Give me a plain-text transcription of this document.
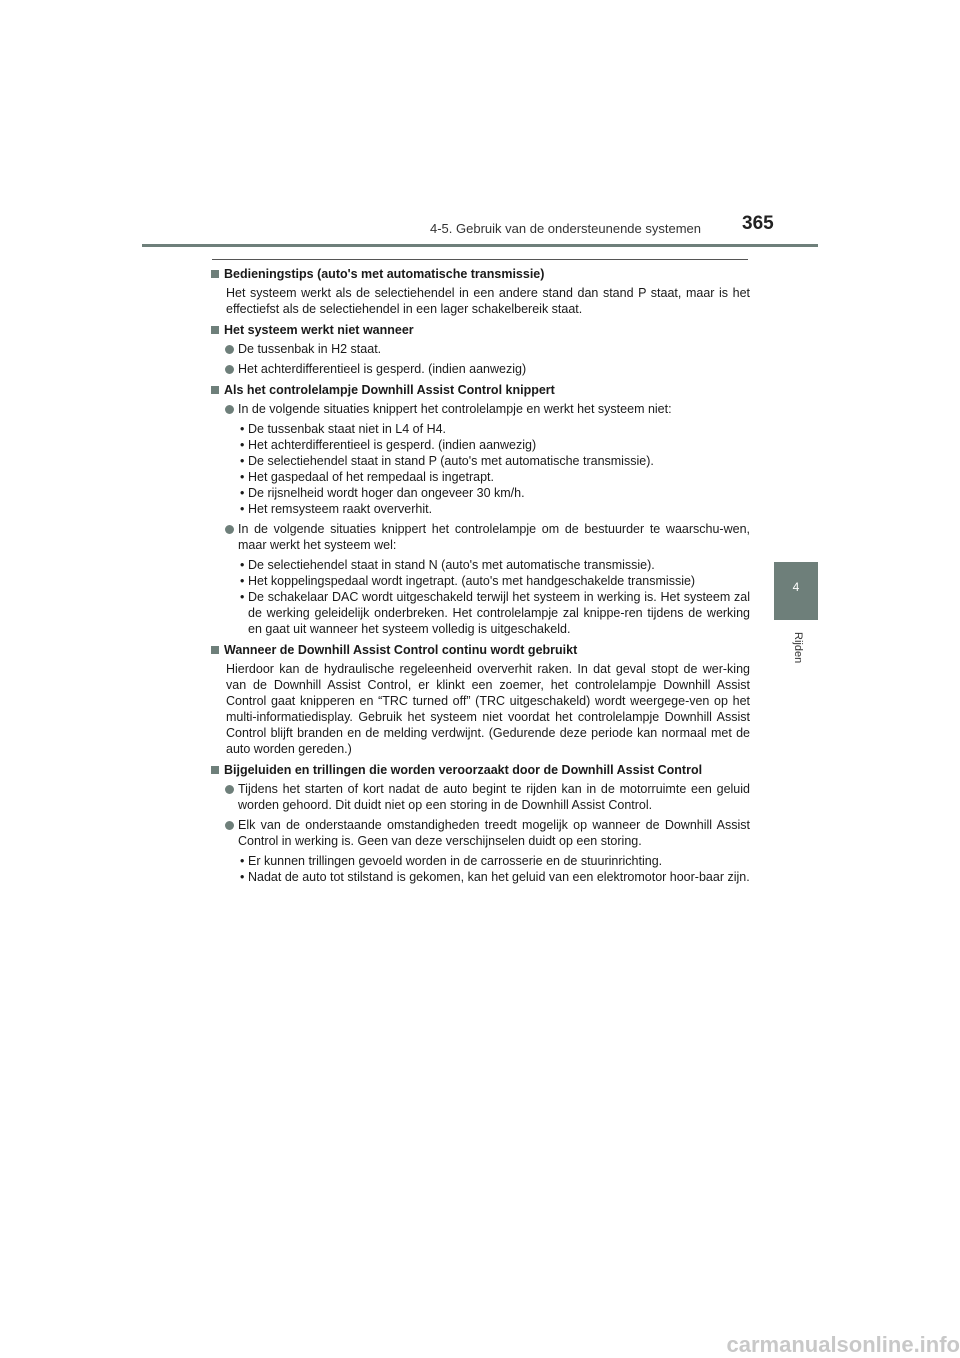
4-5. Gebruik van de ondersteunende systemen 365
4
Rijden
Bedieningstips (auto's met automatische transmissie)
Het systeem werkt als de selectiehendel in een andere stand dan stand P staat, maar is het effectiefst als de selectiehendel in een lager schakelbereik staat.
Het systeem werkt niet wanneer
De tussenbak in H2 staat.
Het achterdifferentieel is gesperd. (indien aanwezig)
Als het controlelampje Downhill Assist Control knippert
In de volgende situaties knippert het controlelampje en werkt het systeem niet:
• De tussenbak staat niet in L4 of H4.
• Het achterdifferentieel is gesperd. (indien aanwezig)
• De selectiehendel staat in stand P (auto's met automatische transmissie).
• Het gaspedaal of het rempedaal is ingetrapt.
• De rijsnelheid wordt hoger dan ongeveer 30 km/h.
• Het remsysteem raakt oververhit.
In de volgende situaties knippert het controlelampje om de bestuurder te waarschu-wen, maar werkt het systeem wel:
• De selectiehendel staat in stand N (auto's met automatische transmissie).
• Het koppelingspedaal wordt ingetrapt. (auto's met handgeschakelde transmissie)
• De schakelaar DAC wordt uitgeschakeld terwijl het systeem in werking is. Het systeem zal de werking geleidelijk onderbreken. Het controlelampje zal knippe-ren tijdens de werking en gaat uit wanneer het systeem volledig is uitgeschakeld.
Wanneer de Downhill Assist Control continu wordt gebruikt
Hierdoor kan de hydraulische regeleenheid oververhit raken. In dat geval stopt de wer-king van de Downhill Assist Control, er klinkt een zoemer, het controlelampje Downhill Assist Control gaat knipperen en “TRC turned off” (TRC uitgeschakeld) wordt weergege-ven op het multi-informatiedisplay. Gebruik het systeem niet voordat het controlelampje Downhill Assist Control blijft branden en de melding verdwijnt. (Gedurende deze periode kan normaal met de auto worden gereden.)
Bijgeluiden en trillingen die worden veroorzaakt door de Downhill Assist Control
Tijdens het starten of kort nadat de auto begint te rijden kan in de motorruimte een geluid worden gehoord. Dit duidt niet op een storing in de Downhill Assist Control.
Elk van de onderstaande omstandigheden treedt mogelijk op wanneer de Downhill Assist Control in werking is. Geen van deze verschijnselen duidt op een storing.
• Er kunnen trillingen gevoeld worden in de carrosserie en de stuurinrichting.
• Nadat de auto tot stilstand is gekomen, kan het geluid van een elektromotor hoor-baar zijn.
carmanualsonline.info
